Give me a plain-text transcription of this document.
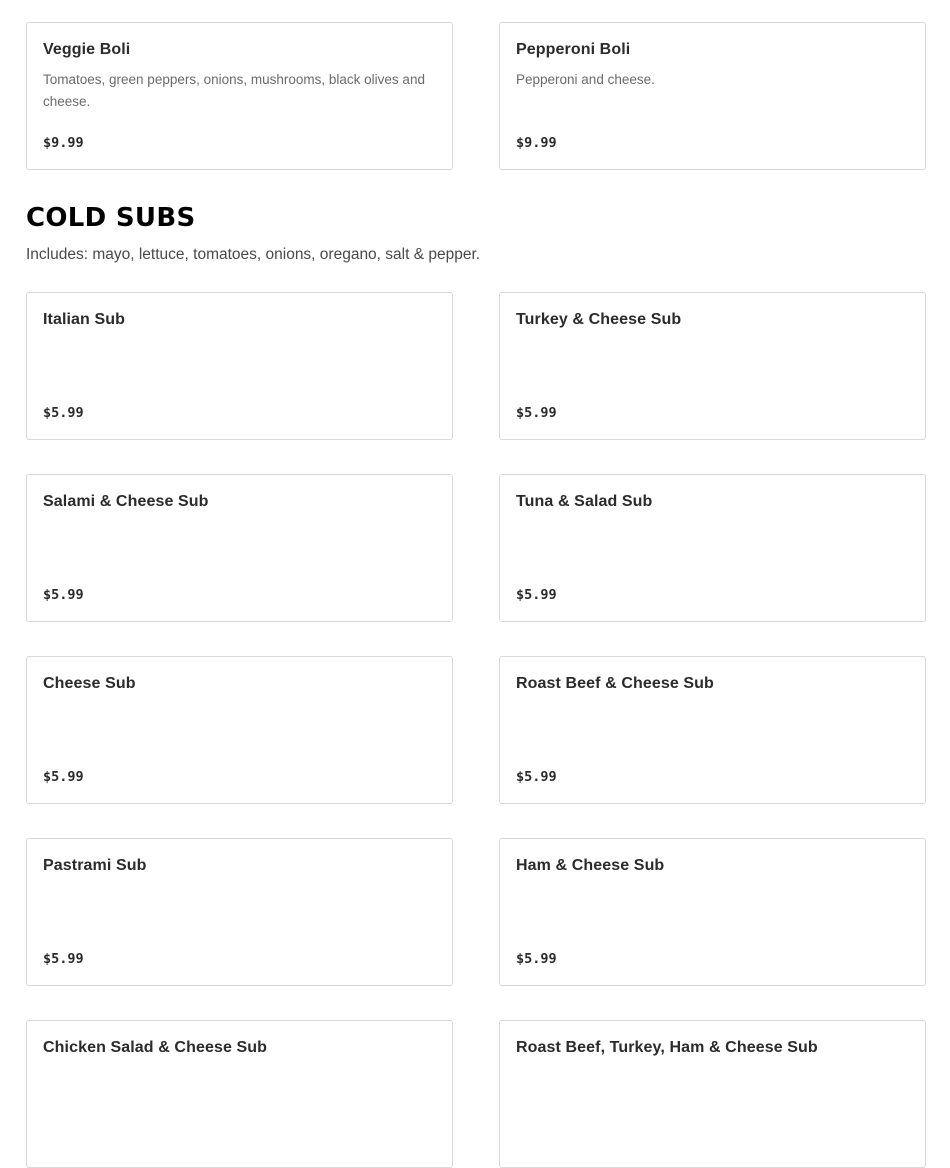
Veggie Boli
Tomatoes, green peppers, onions, mushrooms, black olives and cheese.
$9.99
Pepperoni Boli
Pepperoni and cheese.
$9.99
COLD SUBS

Includes: mayo, lettuce, tomatoes, onions, oregano, salt & pepper.

Italian Sub
$5.99
Turkey & Cheese Sub
$5.99
Salami & Cheese Sub
$5.99
Tuna & Salad Sub
$5.99
Cheese Sub
$5.99
Roast Beef & Cheese Sub
$5.99
Pastrami Sub
$5.99
Ham & Cheese Sub
$5.99
Chicken Salad & Cheese Sub	Roast Beef, Turkey, Ham & Cheese Sub
